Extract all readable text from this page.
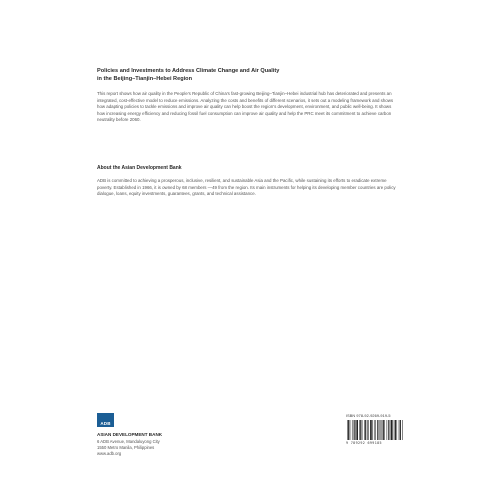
Policies and Investments to Address Climate Change and Air Quality
in the Beijing–Tianjin–Hebei Region
This report shows how air quality in the People’s Republic of China’s fast-growing Beijing–Tianjin–Hebei industrial hub has deteriorated and presents an integrated, cost-effective model to reduce emissions. Analyzing the costs and benefits of different scenarios, it sets out a modeling framework and shows how adapting policies to tackle emissions and improve air quality can help boost the region’s development, environment, and public well-being. It shows how increasing energy efficiency and reducing fossil fuel consumption can improve air quality and help the PRC meet its commitment to achieve carbon neutrality before 2060.
About the Asian Development Bank
ADB is committed to achieving a prosperous, inclusive, resilient, and sustainable Asia and the Pacific, while sustaining its efforts to eradicate extreme poverty. Established in 1966, it is owned by 68 members —49 from the region. Its main instruments for helping its developing member countries are policy dialogue, loans, equity investments, guarantees, grants, and technical assistance.
ADB
ASIAN DEVELOPMENT BANK
6 ADB Avenue, Mandaluyong City
1550 Metro Manila, Philippines
www.adb.org
ISBN 978-92-9269-919-5
9 789292 699185
